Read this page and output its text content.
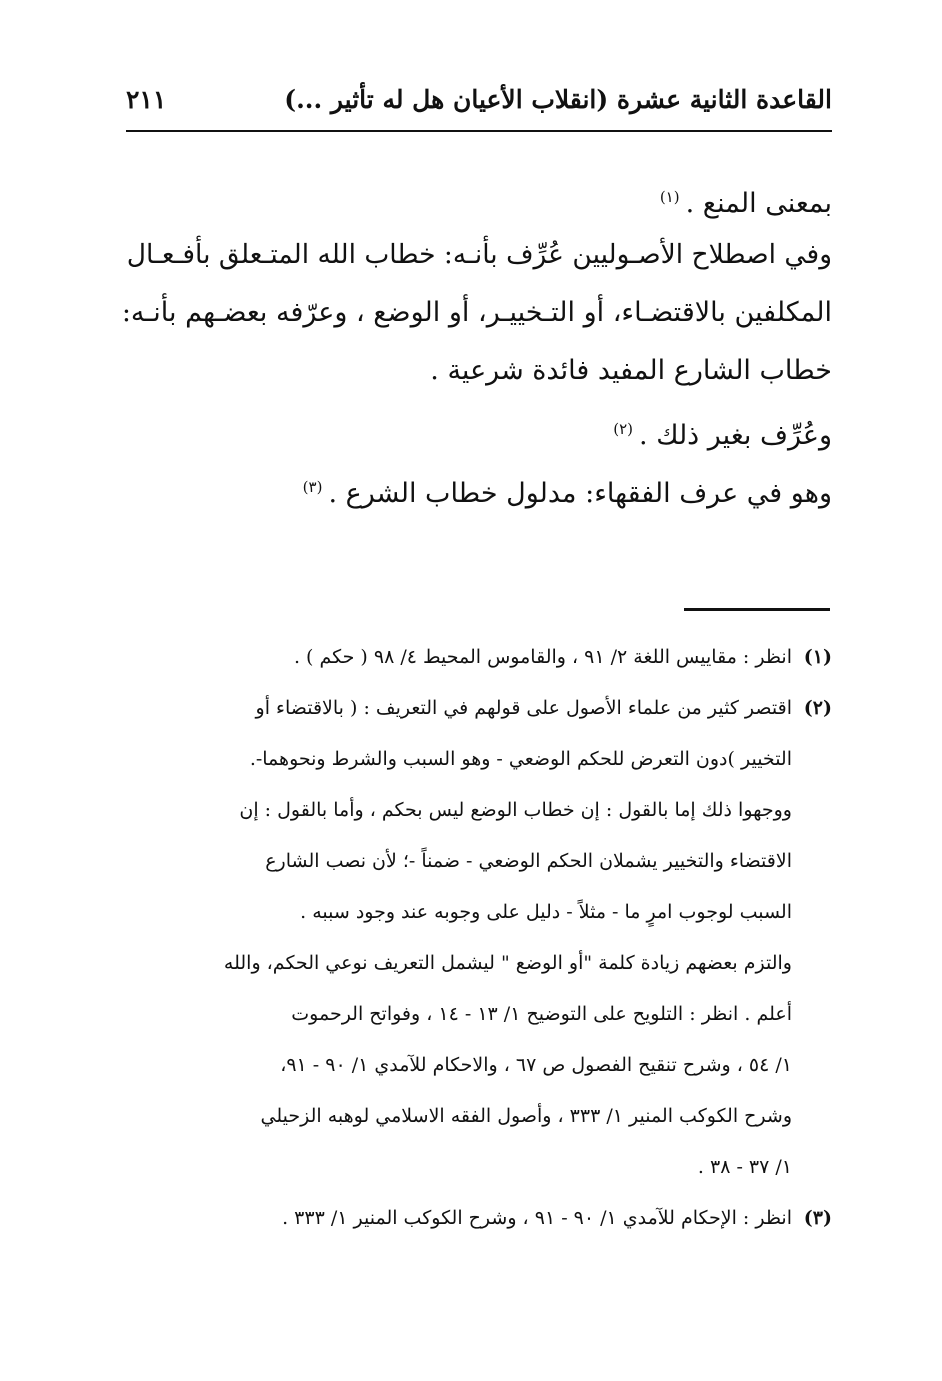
القاعدة الثانية عشرة (انقلاب الأعيان هل له تأثير ...)
٢١١

بمعنى المنع .$^{(١)}$

وفي اصطلاح الأصـوليين عُرِّف بأنـه: خطاب الله المتـعلق بأفـعـال

المكلفين بالاقتضـاء، أو التـخييـر، أو الوضع ، وعرّفه بعضـهم بأنـه:

خطاب الشارع المفيد فائدة شرعية .

وعُرِّف بغير ذلك .$^{(٢)}$

وهو في عرف الفقهاء: مدلول خطاب الشرع .$^{(٣)}$

(١)انظر : مقاييس اللغة ٢/ ٩١ ، والقاموس المحيط ٤/ ٩٨ ( حكم ) .
(٢)اقتصر كثير من علماء الأصول على قولهم في التعريف : ( بالاقتضاء أو
التخيير )دون التعرض للحكم الوضعي - وهو السبب والشرط ونحوهما-.
ووجهوا ذلك إما بالقول : إن خطاب الوضع ليس بحكم ، وأما بالقول : إن
الاقتضاء والتخيير يشملان الحكم الوضعي - ضمناً -؛ لأن نصب الشارع
السبب لوجوب امرٍ ما - مثلاً - دليل على وجوبه عند وجود سببه .
والتزم بعضهم زيادة كلمة "أو الوضع " ليشمل التعريف نوعي الحكم، والله
أعلم . انظر : التلويح على التوضيح ١/ ١٣ - ١٤ ، وفواتح الرحموت
١/ ٥٤ ، وشرح تنقيح الفصول ص ٦٧ ، والاحكام للآمدي ١/ ٩٠ - ٩١،
وشرح الكوكب المنير ١/ ٣٣٣ ، وأصول الفقه الاسلامي لوهبه الزحيلي
١/ ٣٧ - ٣٨ .
(٣)انظر : الإحكام للآمدي ١/ ٩٠ - ٩١ ، وشرح الكوكب المنير ١/ ٣٣٣ .
